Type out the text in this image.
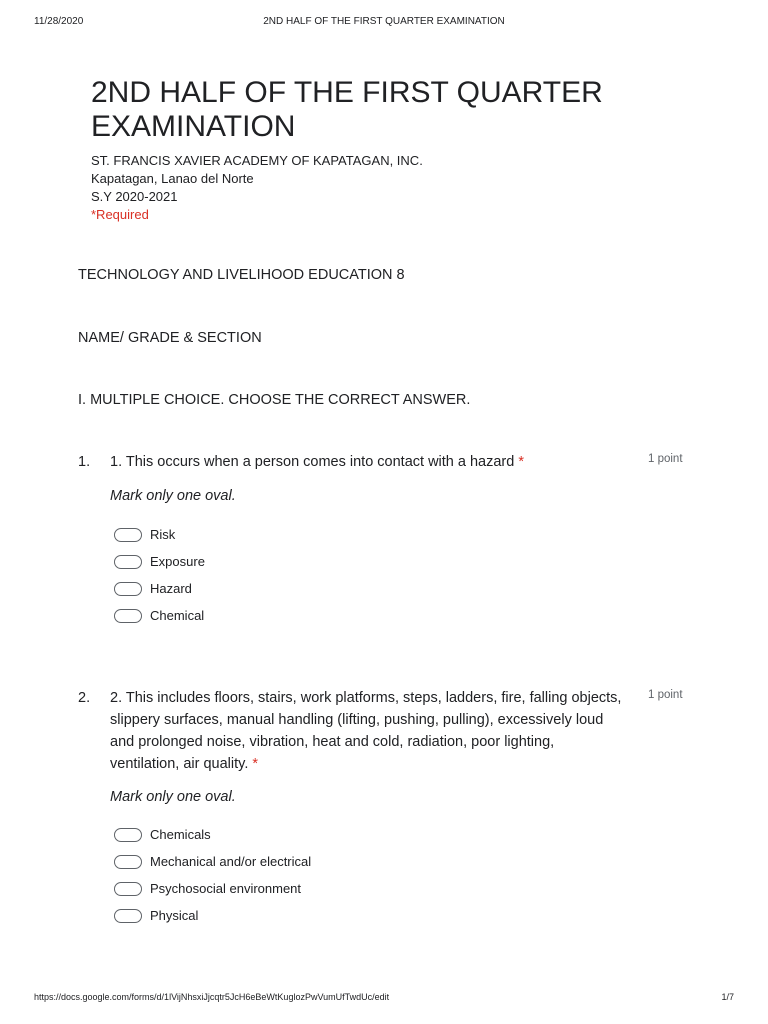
11/28/2020	2ND HALF OF THE FIRST QUARTER EXAMINATION
2ND HALF OF THE FIRST QUARTER EXAMINATION
ST. FRANCIS XAVIER ACADEMY OF KAPATAGAN, INC.
Kapatagan, Lanao del Norte
S.Y 2020-2021
*Required
TECHNOLOGY AND LIVELIHOOD EDUCATION 8
NAME/ GRADE & SECTION
I. MULTIPLE CHOICE. CHOOSE THE CORRECT ANSWER.
1. 1. This occurs when a person comes into contact with a hazard *	1 point
Mark only one oval.
Risk
Exposure
Hazard
Chemical
2. 2. This includes floors, stairs, work platforms, steps, ladders, fire, falling objects, slippery surfaces, manual handling (lifting, pushing, pulling), excessively loud and prolonged noise, vibration, heat and cold, radiation, poor lighting, ventilation, air quality. *
1 point
Mark only one oval.
Chemicals
Mechanical and/or electrical
Psychosocial environment
Physical
https://docs.google.com/forms/d/1lVijNhsxiJjcqtr5JcH6eBeWtKuglozPwVumUfTwdUc/edit	1/7
